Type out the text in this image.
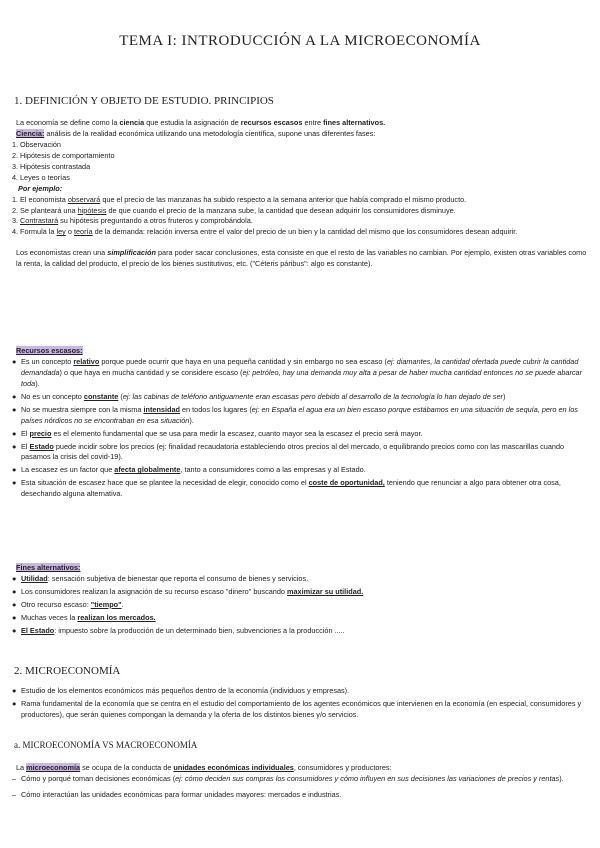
TEMA I: INTRODUCCIÓN A LA MICROECONOMÍA
1. DEFINICIÓN Y OBJETO DE ESTUDIO. PRINCIPIOS

La economía se define como la ciencia que estudia la asignación de recursos escasos entre fines alternativos.

Ciencia: análisis de la realidad económica utilizando una metodología científica, supone unas diferentes fases:

1. Observación
2. Hipótesis de comportamiento
3. Hipótesis contrastada
4. Leyes o teorías

Por ejemplo:

1. El economista observará que el precio de las manzanas ha subido respecto a la semana anterior que había comprado el mismo producto.
2. Se planteará una hipótesis de que cuando el precio de la manzana sube, la cantidad que desean adquirir los consumidores disminuye.
3. Contrastará su hipótesis preguntando a otros fruteros y comprobándola.
4. Formula la ley o teoría de la demanda: relación inversa entre el valor del precio de un bien y la cantidad del mismo que los consumidores desean adquirir.

Los economistas crean una simplificación para poder sacar conclusiones, esta consiste en que el resto de las variables no cambian. Por ejemplo, existen otras variables como la renta, la calidad del producto, el precio de los bienes sustitutivos, etc. ("Céteris páribus": algo es constante).

Recursos escasos:

● Es un concepto relativo porque puede ocurrir que haya en una pequeña cantidad y sin embargo no sea escaso (ej: diamantes, la cantidad ofertada puede cubrir la cantidad demandada) o que haya en mucha cantidad y se considere escaso (ej: petróleo, hay una demanda muy alta a pesar de haber mucha cantidad entonces no se puede abarcar toda).
● No es un concepto constante (ej: las cabinas de teléfono antiguamente eran escasas pero debido al desarrollo de la tecnología lo han dejado de ser)
● No se muestra siempre con la misma intensidad en todos los lugares (ej: en España el agua era un bien escaso porque estábamos en una situación de sequía, pero en los países nórdicos no se encontraban en esa situación).
● El precio es el elemento fundamental que se usa para medir la escasez, cuanto mayor sea la escasez el precio será mayor.
● El Estado puede incidir sobre los precios (ej: finalidad recaudatoria estableciendo otros precios al del mercado, o equilibrando precios como con las mascarillas cuando pasamos la crisis del covid-19).
● La escasez es un factor que afecta globalmente, tanto a consumidores como a las empresas y al Estado.
● Esta situación de escasez hace que se plantee la necesidad de elegir, conocido como el coste de oportunidad, teniendo que renunciar a algo para obtener otra cosa, desechando alguna alternativa.

Fines alternativos:

● Utilidad: sensación subjetiva de bienestar que reporta el consumo de bienes y servicios.
● Los consumidores realizan la asignación de su recurso escaso "dinero" buscando maximizar su utilidad.
● Otro recurso escaso: "tiempo".
● Muchas veces la realizan los mercados.
● El Estado: impuesto sobre la producción de un determinado bien, subvenciones a la producción .....
2. MICROECONOMÍA
● Estudio de los elementos económicos más pequeños dentro de la economía (individuos y empresas).
● Rama fundamental de la economía que se centra en el estudio del comportamiento de los agentes económicos que intervienen en la economía (en especial, consumidores y productores), que serán quienes compongan la demanda y la oferta de los distintos bienes y/o servicios.
a. MICROECONOMÍA VS MACROECONOMÍA

La microeconomía se ocupa de la conducta de unidades económicas individuales, consumidores y productores:

– Cómo y porqué toman decisiones económicas (ej: cómo deciden sus compras los consumidores y cómo influyen en sus decisiones las variaciones de precios y rentas).
– Cómo interactúan las unidades económicas para formar unidades mayores: mercados e industrias.
